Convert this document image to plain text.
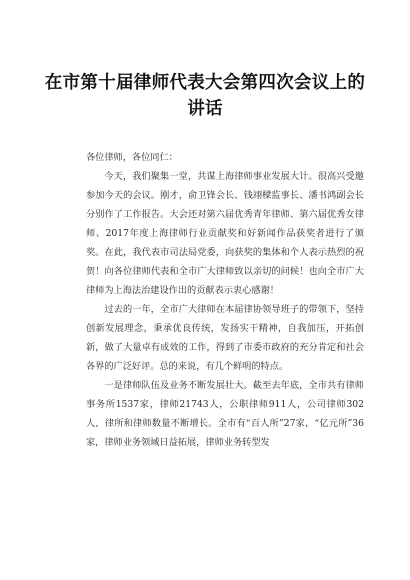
在市第十届律师代表大会第四次会议上的讲话

各位律师，各位同仁：

今天，我们聚集一堂，共谋上海律师事业发展大计。很高兴受邀参加今天的会议。刚才，俞卫锋会长、钱翊樑监事长、潘书鸿副会长分别作了工作报告。大会还对第六届优秀青年律师、第六届优秀女律师、2017年度上海律师行业贡献奖和好新闻作品获奖者进行了颁奖。在此，我代表市司法局党委，向获奖的集体和个人表示热烈的祝贺！向各位律师代表和全市广大律师致以亲切的问候！也向全市广大律师为上海法治建设作出的贡献表示衷心感谢！

过去的一年，全市广大律师在本届律协领导班子的带领下，坚持创新发展理念，秉承优良传统，发扬实干精神，自我加压，开拓创新，做了大量卓有成效的工作，得到了市委市政府的充分肯定和社会各界的广泛好评。总的来说，有几个鲜明的特点。

一是律师队伍及业务不断发展壮大。截至去年底，全市共有律师事务所1537家，律师21743人，公职律师911人，公司律师302人，律所和律师数量不断增长。全市有“百人所”27家，“亿元所”36家，律师业务领域日益拓展，律师业务转型发
